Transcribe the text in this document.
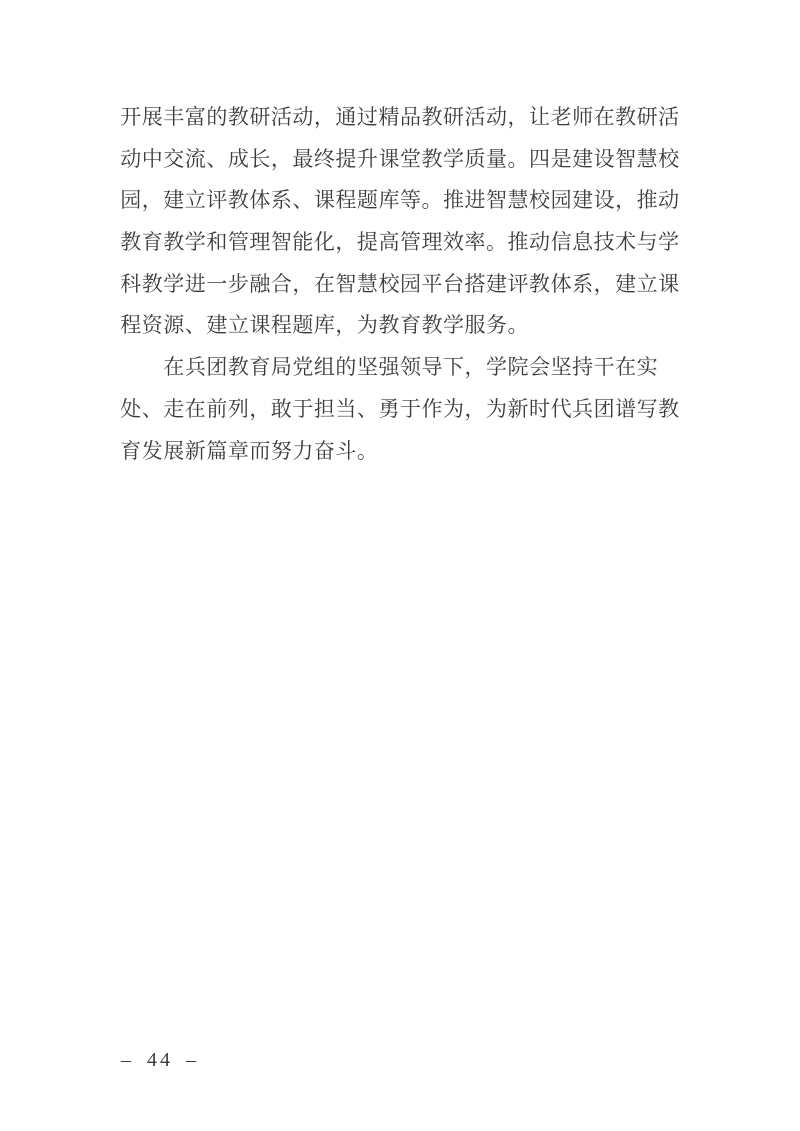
开展丰富的教研活动，通过精品教研活动，让老师在教研活
动中交流、成长，最终提升课堂教学质量。四是建设智慧校
园，建立评教体系、课程题库等。推进智慧校园建设，推动
教育教学和管理智能化，提高管理效率。推动信息技术与学
科教学进一步融合，在智慧校园平台搭建评教体系，建立课
程资源、建立课程题库，为教育教学服务。
在兵团教育局党组的坚强领导下，学院会坚持干在实
处、走在前列，敢于担当、勇于作为，为新时代兵团谱写教
育发展新篇章而努力奋斗。
– 44 –
